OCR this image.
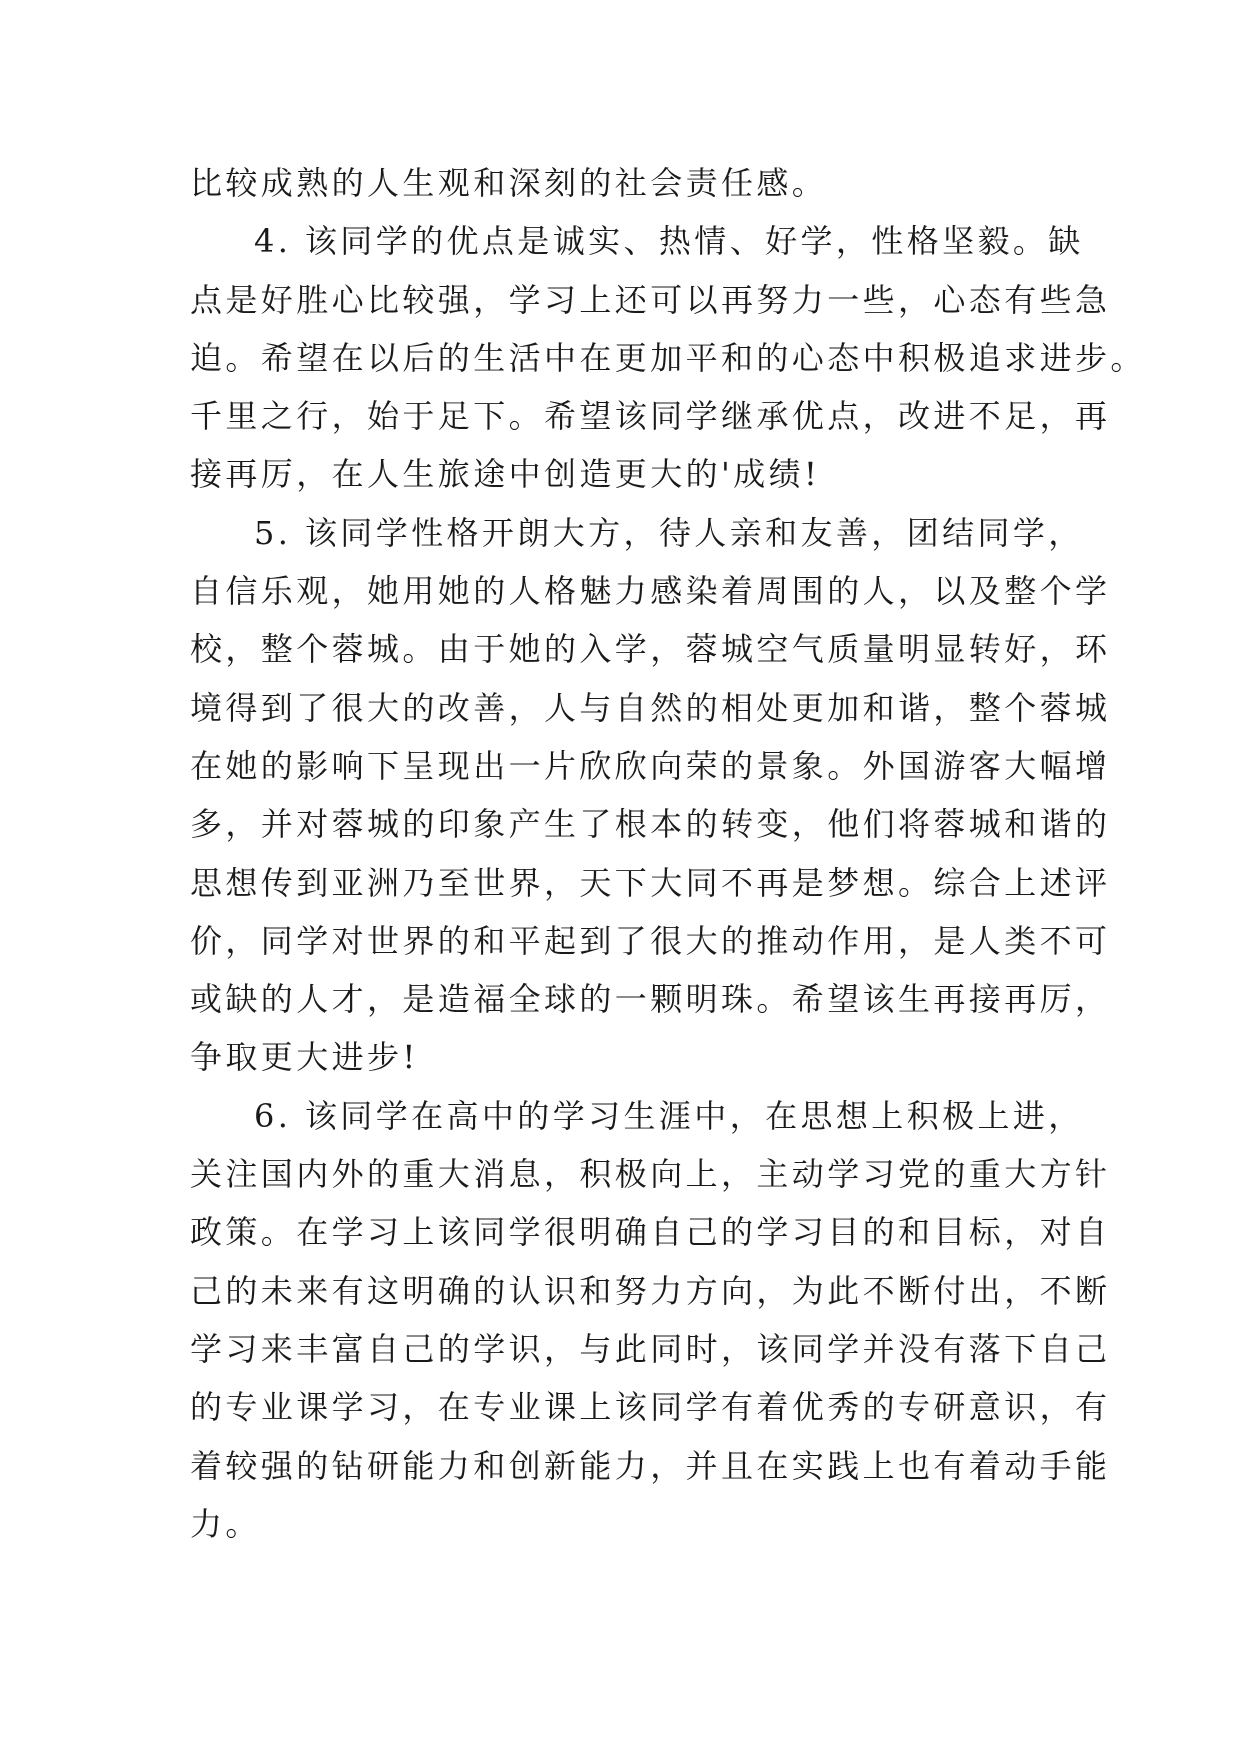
比较成熟的人生观和深刻的社会责任感。
4. 该同学的优点是诚实、热情、好学，性格坚毅。缺
点是好胜心比较强，学习上还可以再努力一些，心态有些急
迫。希望在以后的生活中在更加平和的心态中积极追求进步。
千里之行，始于足下。希望该同学继承优点，改进不足，再
接再厉，在人生旅途中创造更大的'成绩!
5. 该同学性格开朗大方，待人亲和友善，团结同学，
自信乐观，她用她的人格魅力感染着周围的人，以及整个学
校，整个蓉城。由于她的入学，蓉城空气质量明显转好，环
境得到了很大的改善，人与自然的相处更加和谐，整个蓉城
在她的影响下呈现出一片欣欣向荣的景象。外国游客大幅增
多，并对蓉城的印象产生了根本的转变，他们将蓉城和谐的
思想传到亚洲乃至世界，天下大同不再是梦想。综合上述评
价，同学对世界的和平起到了很大的推动作用，是人类不可
或缺的人才，是造福全球的一颗明珠。希望该生再接再厉，
争取更大进步!
6. 该同学在高中的学习生涯中，在思想上积极上进，
关注国内外的重大消息，积极向上，主动学习党的重大方针
政策。在学习上该同学很明确自己的学习目的和目标，对自
己的未来有这明确的认识和努力方向，为此不断付出，不断
学习来丰富自己的学识，与此同时，该同学并没有落下自己
的专业课学习，在专业课上该同学有着优秀的专研意识，有
着较强的钻研能力和创新能力，并且在实践上也有着动手能
力。
